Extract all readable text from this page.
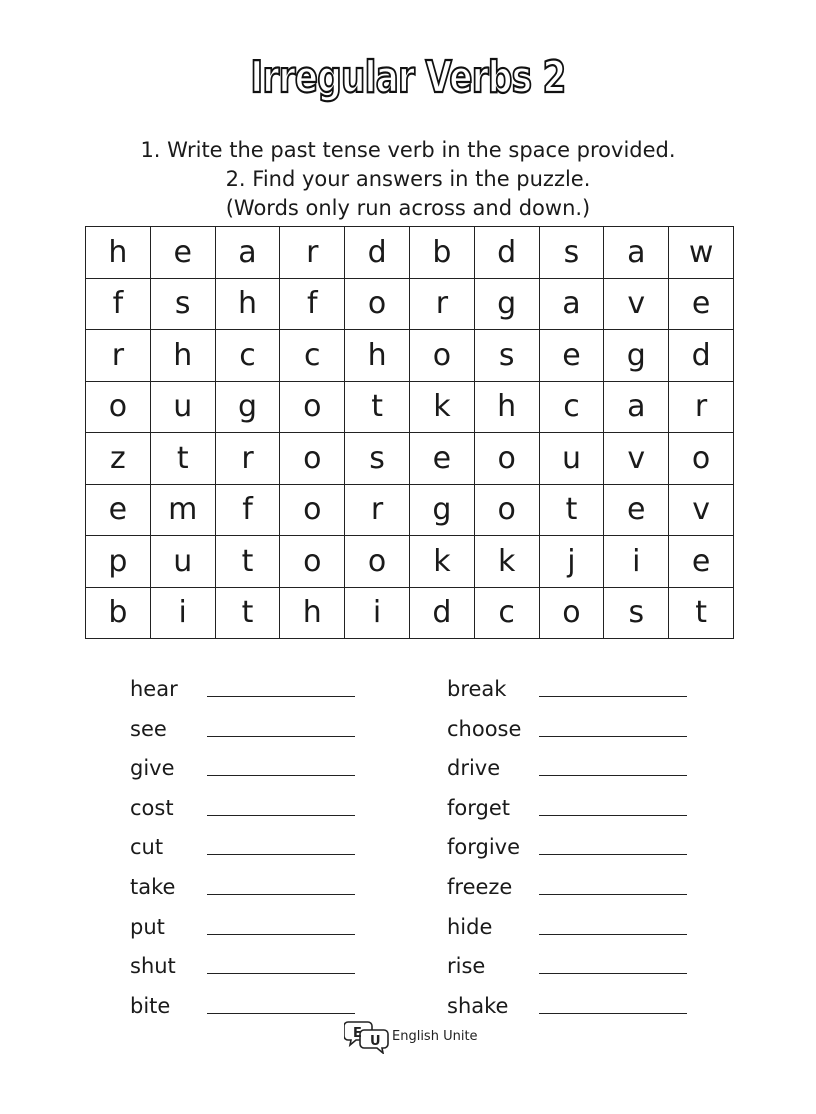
Irregular Verbs 2
1. Write the past tense verb in the space provided.
2. Find your answers in the puzzle.
(Words only run across and down.)
h	e	a	r	d	b	d	s	a	w
f	s	h	f	o	r	g	a	v	e
r	h	c	c	h	o	s	e	g	d
o	u	g	o	t	k	h	c	a	r
z	t	r	o	s	e	o	u	v	o
e	m	f	o	r	g	o	t	e	v
p	u	t	o	o	k	k	j	i	e
b	i	t	h	i	d	c	o	s	t
hear
see
give
cost
cut
take
put
shut
bite
break
choose
drive
forget
forgive
freeze
hide
rise
shake
E
U English Unite
